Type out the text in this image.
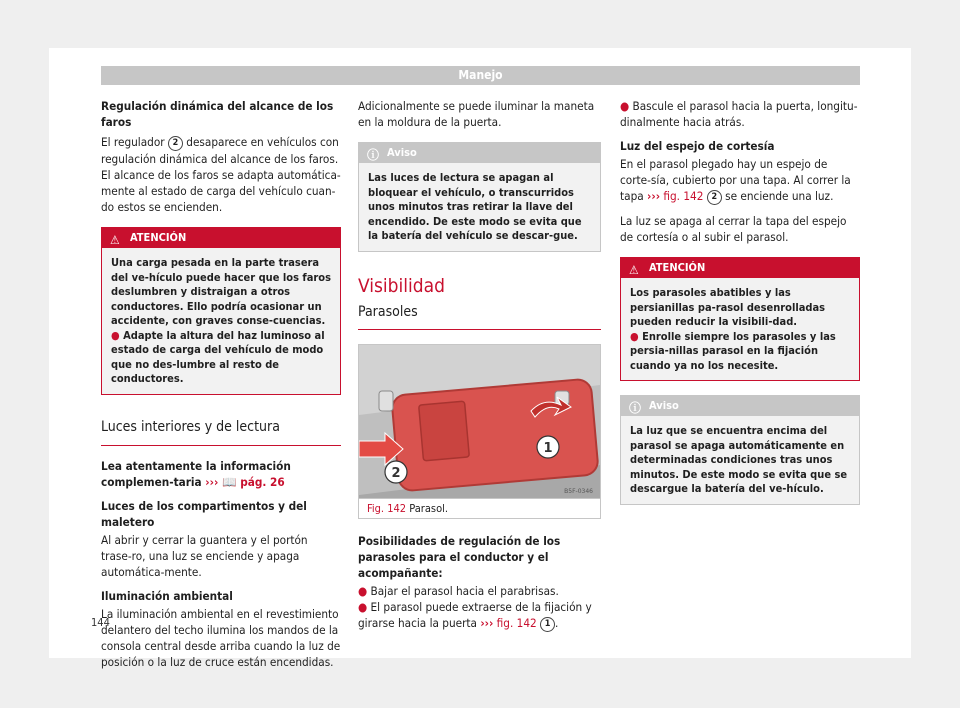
Manejo

Regulación dinámica del alcance de los faros

El regulador 2 desaparece en vehículos con regulación dinámica del alcance de los faros. El alcance de los faros se adapta automática-mente al estado de carga del vehículo cuan-do estos se encienden.

⚠ ATENCIÓN

Una carga pesada en la parte trasera del ve-hículo puede hacer que los faros deslumbren y distraigan a otros conductores. Ello podría ocasionar un accidente, con graves conse-cuencias.

● Adapte la altura del haz luminoso al estado de carga del vehículo de modo que no des-lumbre al resto de conductores.

Luces interiores y de lectura

Lea atentamente la información complemen-taria ››› 📖 pág. 26

Luces de los compartimentos y del maletero

Al abrir y cerrar la guantera y el portón trase-ro, una luz se enciende y apaga automática-mente.

Iluminación ambiental

La iluminación ambiental en el revestimiento delantero del techo ilumina los mandos de la consola central desde arriba cuando la luz de posición o la luz de cruce están encendidas.

Adicionalmente se puede iluminar la maneta en la moldura de la puerta.

ⓘ Aviso
Las luces de lectura se apagan al bloquear el vehículo, o transcurridos unos minutos tras retirar la llave del encendido. De este modo se evita que la batería del vehículo se descar-gue.
Visibilidad
Parasoles
1
2
B5F-0346
Fig. 142 Parasol.

Posibilidades de regulación de los parasoles para el conductor y el acompañante:

● Bajar el parasol hacia el parabrisas.

● El parasol puede extraerse de la fijación y girarse hacia la puerta ››› fig. 142 1 .

● Bascule el parasol hacia la puerta, longitu-dinalmente hacia atrás.

Luz del espejo de cortesía

En el parasol plegado hay un espejo de corte-sía, cubierto por una tapa. Al correr la tapa ››› fig. 142 2 se enciende una luz.

La luz se apaga al cerrar la tapa del espejo de cortesía o al subir el parasol.

⚠ ATENCIÓN

Los parasoles abatibles y las persianillas pa-rasol desenrolladas pueden reducir la visibili-dad.

● Enrolle siempre los parasoles y las persia-nillas parasol en la fijación cuando ya no los necesite.

ⓘ Aviso
La luz que se encuentra encima del parasol se apaga automáticamente en determinadas condiciones tras unos minutos. De este modo se evita que se descargue la batería del ve-hículo.
144
